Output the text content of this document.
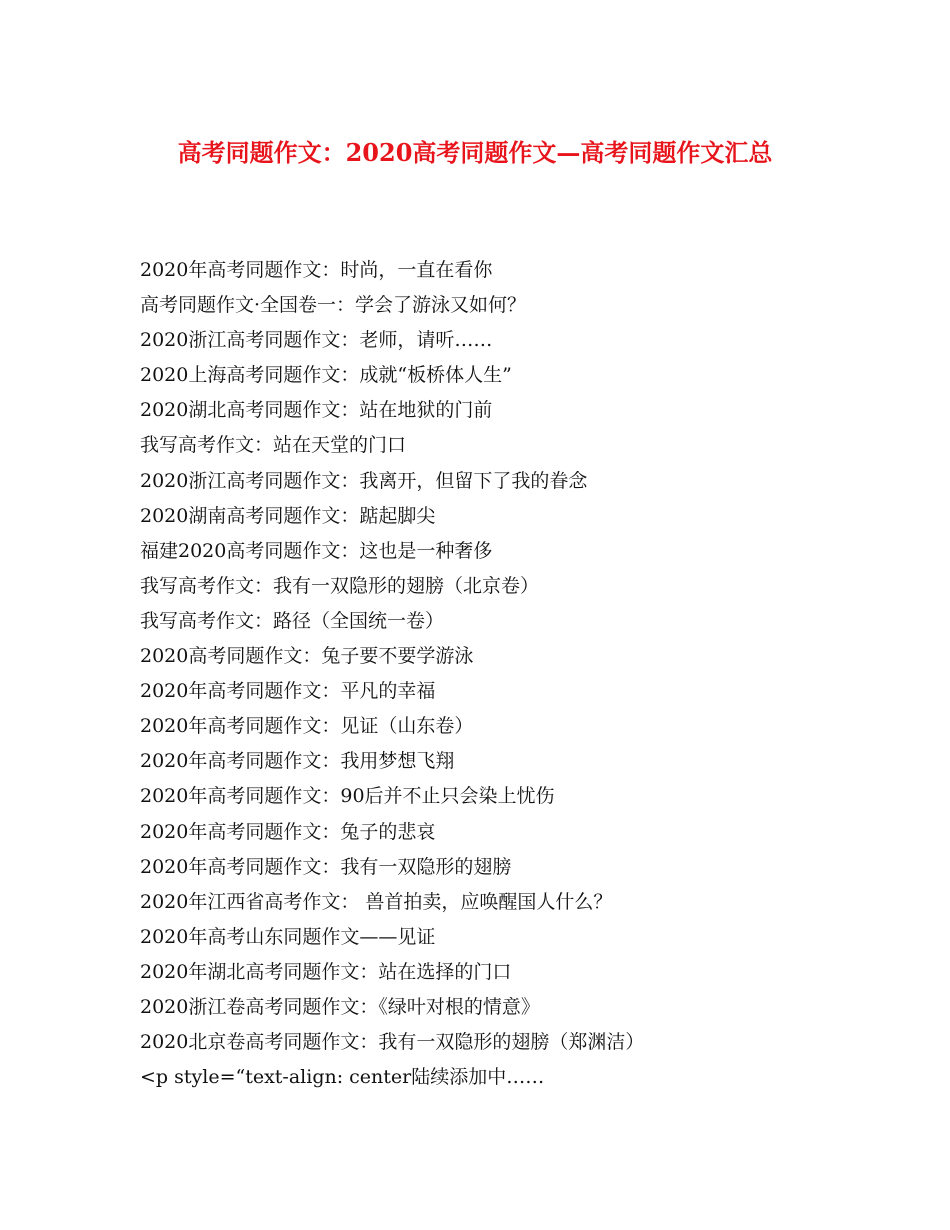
高考同题作文：2020高考同题作文—高考同题作文汇总
2020年高考同题作文：时尚，一直在看你
高考同题作文·全国卷一：学会了游泳又如何？
2020浙江高考同题作文：老师，请听……
2020上海高考同题作文：成就“板桥体人生”
2020湖北高考同题作文：站在地狱的门前
我写高考作文：站在天堂的门口
2020浙江高考同题作文：我离开，但留下了我的眷念
2020湖南高考同题作文：踮起脚尖
福建2020高考同题作文：这也是一种奢侈
我写高考作文：我有一双隐形的翅膀（北京卷）
我写高考作文：路径（全国统一卷）
2020高考同题作文：兔子要不要学游泳
2020年高考同题作文：平凡的幸福
2020年高考同题作文：见证（山东卷）
2020年高考同题作文：我用梦想飞翔
2020年高考同题作文：90后并不止只会染上忧伤
2020年高考同题作文：兔子的悲哀
2020年高考同题作文：我有一双隐形的翅膀
2020年江西省高考作文： 兽首拍卖，应唤醒国人什么？
2020年高考山东同题作文——见证
2020年湖北高考同题作文：站在选择的门口
2020浙江卷高考同题作文：《绿叶对根的情意》
2020北京卷高考同题作文：我有一双隐形的翅膀（郑渊洁）
<p style=“text-align: center陆续添加中……
